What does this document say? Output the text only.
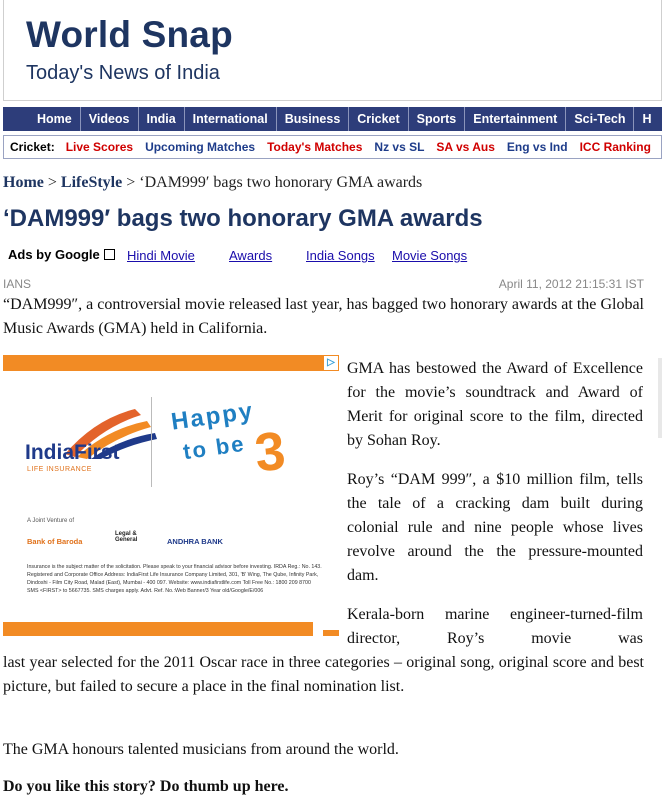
World Snap
Today's News of India
Home	Videos	India	International	Business	Cricket	Sports	Entertainment	Sci-Tech	H
Cricket: Live Scores	Upcoming Matches	Today's Matches	Nz vs SL	SA vs Aus	Eng vs Ind	ICC Ranking
Home > LifeStyle > ‘DAM999′ bags two honorary GMA awards
‘DAM999′ bags two honorary GMA awards
Ads by Google	Hindi Movie	Awards	India Songs Movie Songs
IANS	April 11, 2012 21:15:31 IST

“DAM999″, a controversial movie released last year, has bagged two honorary awards at the Global Music Awards (GMA) held in California.

▷
IndiaFirst
LIFE INSURANCE
Happy
to be 3
A Joint Venture of
Bank of Baroda
Legal & General	ANDHRA BANK
Insurance is the subject matter of the solicitation. Please speak to your financial advisor before investing. IRDA Reg.: No. 143. Registered and Corporate Office Address: IndiaFirst Life Insurance Company Limited, 301, 'B' Wing, The Qube, Infinity Park, Dindoshi - Film City Road, Malad (East), Mumbai - 400 097. Website: www.indiafirstlife.com Toll Free No.: 1800 209 8700 SMS <FIRST> to 5667735. SMS charges apply. Advt. Ref. No.:Web Banner/3 Year old/Google/E/006

GMA has bestowed the Award of Excellence for the movie’s soundtrack and Award of Merit for original score to the film, directed by Sohan Roy.

Roy’s “DAM 999″, a $10 million film, tells the tale of a cracking dam built during colonial rule and nine people whose lives revolve around the the pressure-mounted dam.

Kerala-born marine engineer-turned-film director, Roy’s movie was

last year selected for the 2011 Oscar race in three categories – original song, original score and best picture, but failed to secure a place in the final nomination list.

The GMA honours talented musicians from around the world.

Do you like this story? Do thumb up here.
